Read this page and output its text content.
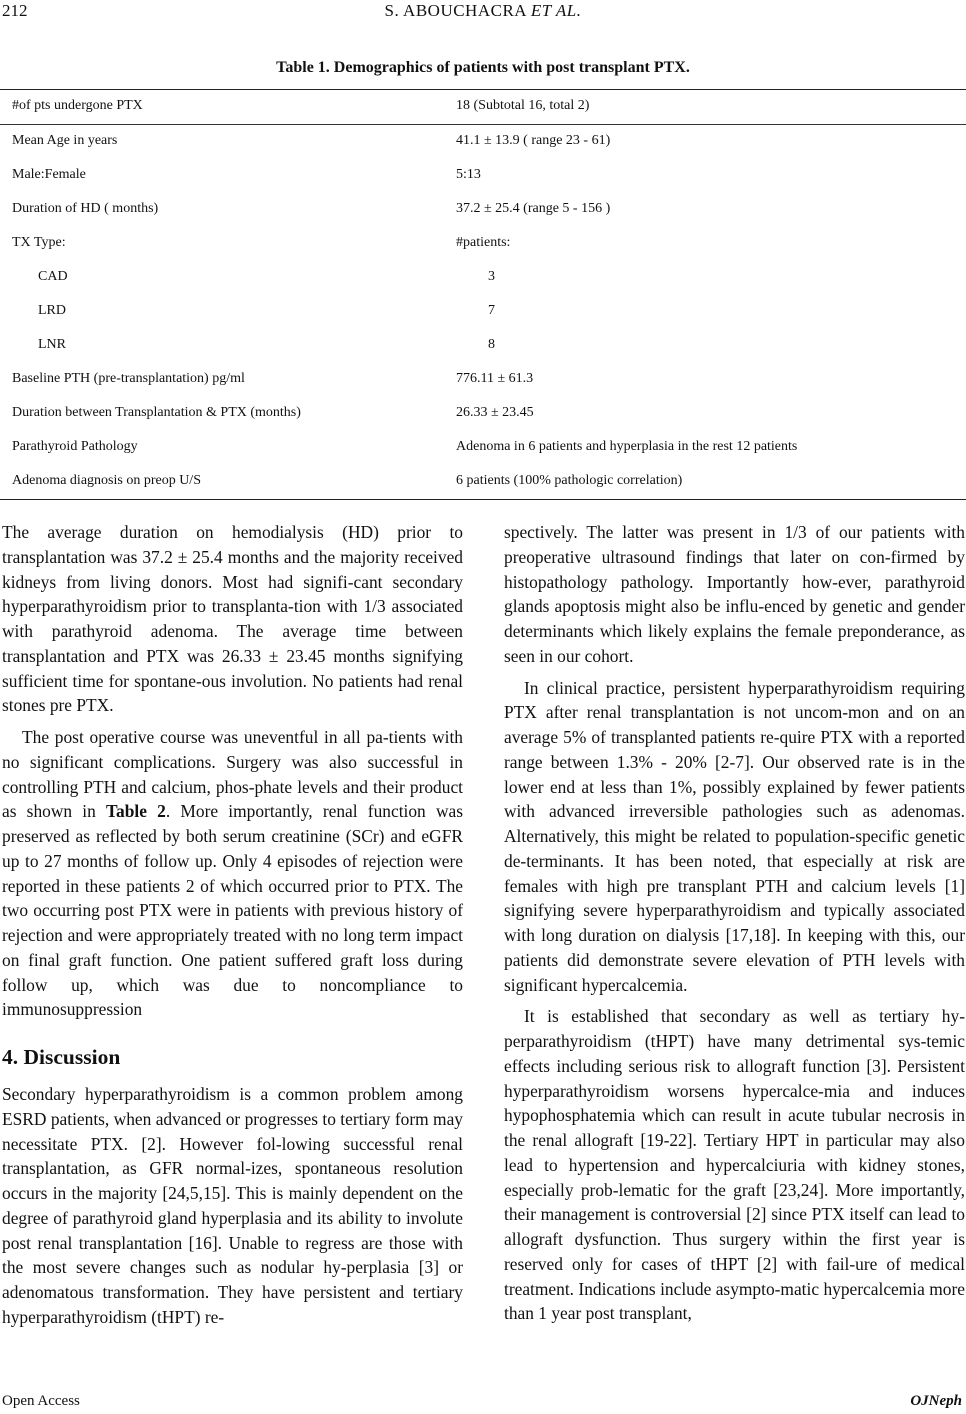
212	S. ABOUCHACRA ET AL.
Table 1. Demographics of patients with post transplant PTX.
#of pts undergone PTX	18 (Subtotal 16, total 2)
Mean Age in years	41.1 ± 13.9 ( range 23 - 61)
Male:Female	5:13
Duration of HD ( months)	37.2 ± 25.4 (range 5 - 156 )
TX Type:	#patients:
CAD	3
LRD	7
LNR	8
Baseline PTH (pre-transplantation) pg/ml	776.11 ± 61.3
Duration between Transplantation & PTX (months)	26.33 ± 23.45
Parathyroid Pathology	Adenoma in 6 patients and hyperplasia in the rest 12 patients
Adenoma diagnosis on preop U/S	6 patients (100% pathologic correlation)

The average duration on hemodialysis (HD) prior to transplantation was 37.2 ± 25.4 months and the majority received kidneys from living donors. Most had signifi-cant secondary hyperparathyroidism prior to transplanta-tion with 1/3 associated with parathyroid adenoma. The average time between transplantation and PTX was 26.33 ± 23.45 months signifying sufficient time for spontane-ous involution. No patients had renal stones pre PTX.

The post operative course was uneventful in all pa-tients with no significant complications. Surgery was also successful in controlling PTH and calcium, phos-phate levels and their product as shown in Table 2. More importantly, renal function was preserved as reflected by both serum creatinine (SCr) and eGFR up to 27 months of follow up. Only 4 episodes of rejection were reported in these patients 2 of which occurred prior to PTX. The two occurring post PTX were in patients with previous history of rejection and were appropriately treated with no long term impact on final graft function. One patient suffered graft loss during follow up, which was due to noncompliance to immunosuppression

4. Discussion

Secondary hyperparathyroidism is a common problem among ESRD patients, when advanced or progresses to tertiary form may necessitate PTX. [2]. However fol-lowing successful renal transplantation, as GFR normal-izes, spontaneous resolution occurs in the majority [24,5,15]. This is mainly dependent on the degree of parathyroid gland hyperplasia and its ability to involute post renal transplantation [16]. Unable to regress are those with the most severe changes such as nodular hy-perplasia [3] or adenomatous transformation. They have persistent and tertiary hyperparathyroidism (tHPT) re-

spectively. The latter was present in 1/3 of our patients with preoperative ultrasound findings that later on con-firmed by histopathology pathology. Importantly how-ever, parathyroid glands apoptosis might also be influ-enced by genetic and gender determinants which likely explains the female preponderance, as seen in our cohort.

In clinical practice, persistent hyperparathyroidism requiring PTX after renal transplantation is not uncom-mon and on an average 5% of transplanted patients re-quire PTX with a reported range between 1.3% - 20% [2-7]. Our observed rate is in the lower end at less than 1%, possibly explained by fewer patients with advanced irreversible pathologies such as adenomas. Alternatively, this might be related to population-specific genetic de-terminants. It has been noted, that especially at risk are females with high pre transplant PTH and calcium levels [1] signifying severe hyperparathyroidism and typically associated with long duration on dialysis [17,18]. In keeping with this, our patients did demonstrate severe elevation of PTH levels with significant hypercalcemia.

It is established that secondary as well as tertiary hy-perparathyroidism (tHPT) have many detrimental sys-temic effects including serious risk to allograft function [3]. Persistent hyperparathyroidism worsens hypercalce-mia and induces hypophosphatemia which can result in acute tubular necrosis in the renal allograft [19-22]. Tertiary HPT in particular may also lead to hypertension and hypercalciuria with kidney stones, especially prob-lematic for the graft [23,24]. More importantly, their management is controversial [2] since PTX itself can lead to allograft dysfunction. Thus surgery within the first year is reserved only for cases of tHPT [2] with fail-ure of medical treatment. Indications include asympto-matic hypercalcemia more than 1 year post transplant,

Open Access	OJNeph
